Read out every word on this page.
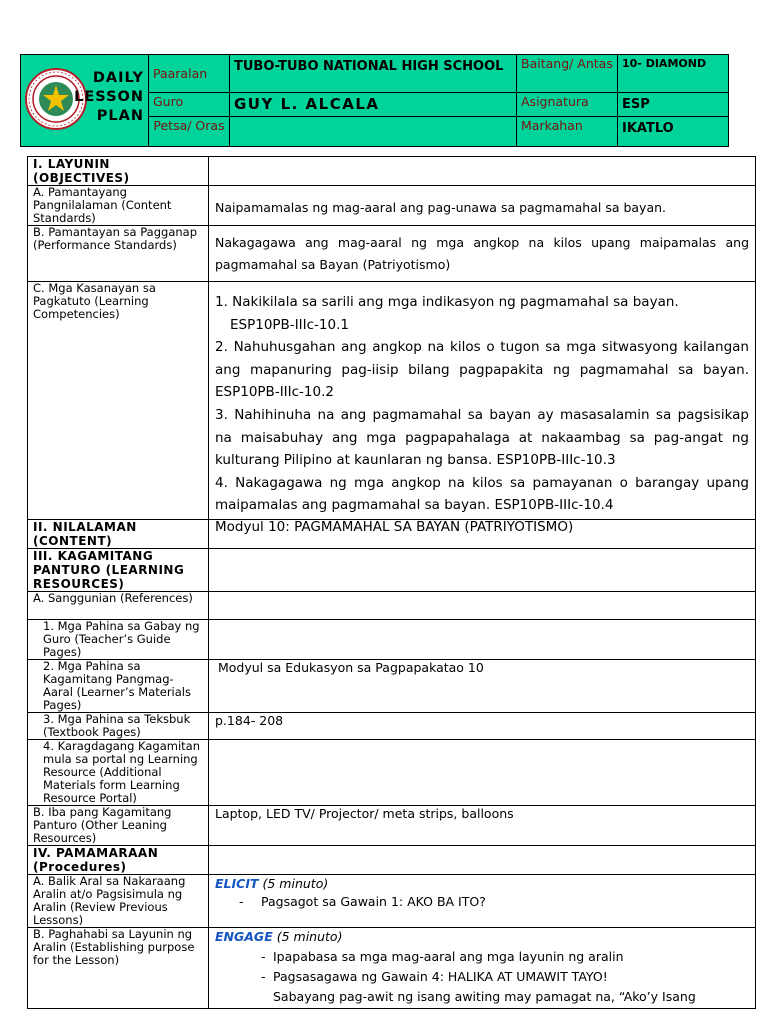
DAILY
LESSON
PLAN	Paaralan	TUBO-TUBO NATIONAL HIGH SCHOOL	Baitang/ Antas	10- DIAMOND

	Guro	GUY L. ALCALA	Asignatura	ESP

	Petsa/ Oras		Markahan	IKATLO
I. LAYUNIN (OBJECTIVES)	

A. Pamantayang Pangnilalaman (Content Standards)	Naipamamalas ng mag-aaral ang pag-unawa sa pagmamahal sa bayan.

B. Pamantayan sa Pagganap (Performance Standards)	Nakagagawa ang mag-aaral ng mga angkop na kilos upang maipamalas ang pagmamahal sa Bayan (Patriyotismo)

C. Mga Kasanayan sa Pagkatuto (Learning Competencies)	1. Nakikilala sa sarili ang mga indikasyon ng pagmamahal sa bayan.

ESP10PB-IIIc-10.1

2. Nahuhusgahan ang angkop na kilos o tugon sa mga sitwasyong kailangan ang mapanuring pag-iisip bilang pagpapakita ng pagmamahal sa bayan. ESP10PB-IIIc-10.2

3. Nahihinuha na ang pagmamahal sa bayan ay masasalamin sa pagsisikap na maisabuhay ang mga pagpapahalaga at nakaambag sa pag-angat ng kulturang Pilipino at kaunlaran ng bansa. ESP10PB-IIIc-10.3

4. Nakagagawa ng mga angkop na kilos sa pamayanan o barangay upang maipamalas ang pagmamahal sa bayan. ESP10PB-IIIc-10.4

II. NILALAMAN (CONTENT)	Modyul 10: PAGMAMAHAL SA BAYAN (PATRIYOTISMO)

III. KAGAMITANG PANTURO (LEARNING RESOURCES)	

A. Sanggunian (References)	

1. Mga Pahina sa Gabay ng Guro (Teacher’s Guide Pages)	

2. Mga Pahina sa Kagamitang Pangmag-Aaral (Learner’s Materials Pages)	Modyul sa Edukasyon sa Pagpapakatao 10

3. Mga Pahina sa Teksbuk (Textbook Pages)	p.184- 208

4. Karagdagang Kagamitan mula sa portal ng Learning Resource (Additional Materials form Learning Resource Portal)	

B. Iba pang Kagamitang Panturo (Other Leaning Resources)	Laptop, LED TV/ Projector/ meta strips, balloons

IV. PAMAMARAAN (Procedures)	

A. Balik Aral sa Nakaraang Aralin at/o Pagsisimula ng Aralin (Review Previous Lessons)	ELICIT (5 minuto)
- Pagsagot sa Gawain 1: AKO BA ITO?

B. Paghahabi sa Layunin ng Aralin (Establishing purpose for the Lesson)	ENGAGE (5 minuto)
- Ipapabasa sa mga mag-aaral ang mga layunin ng aralin
- Pagsasagawa ng Gawain 4: HALIKA AT UMAWIT TAYO!
Sabayang pag-awit ng isang awiting may pamagat na, “Ako’y Isang
